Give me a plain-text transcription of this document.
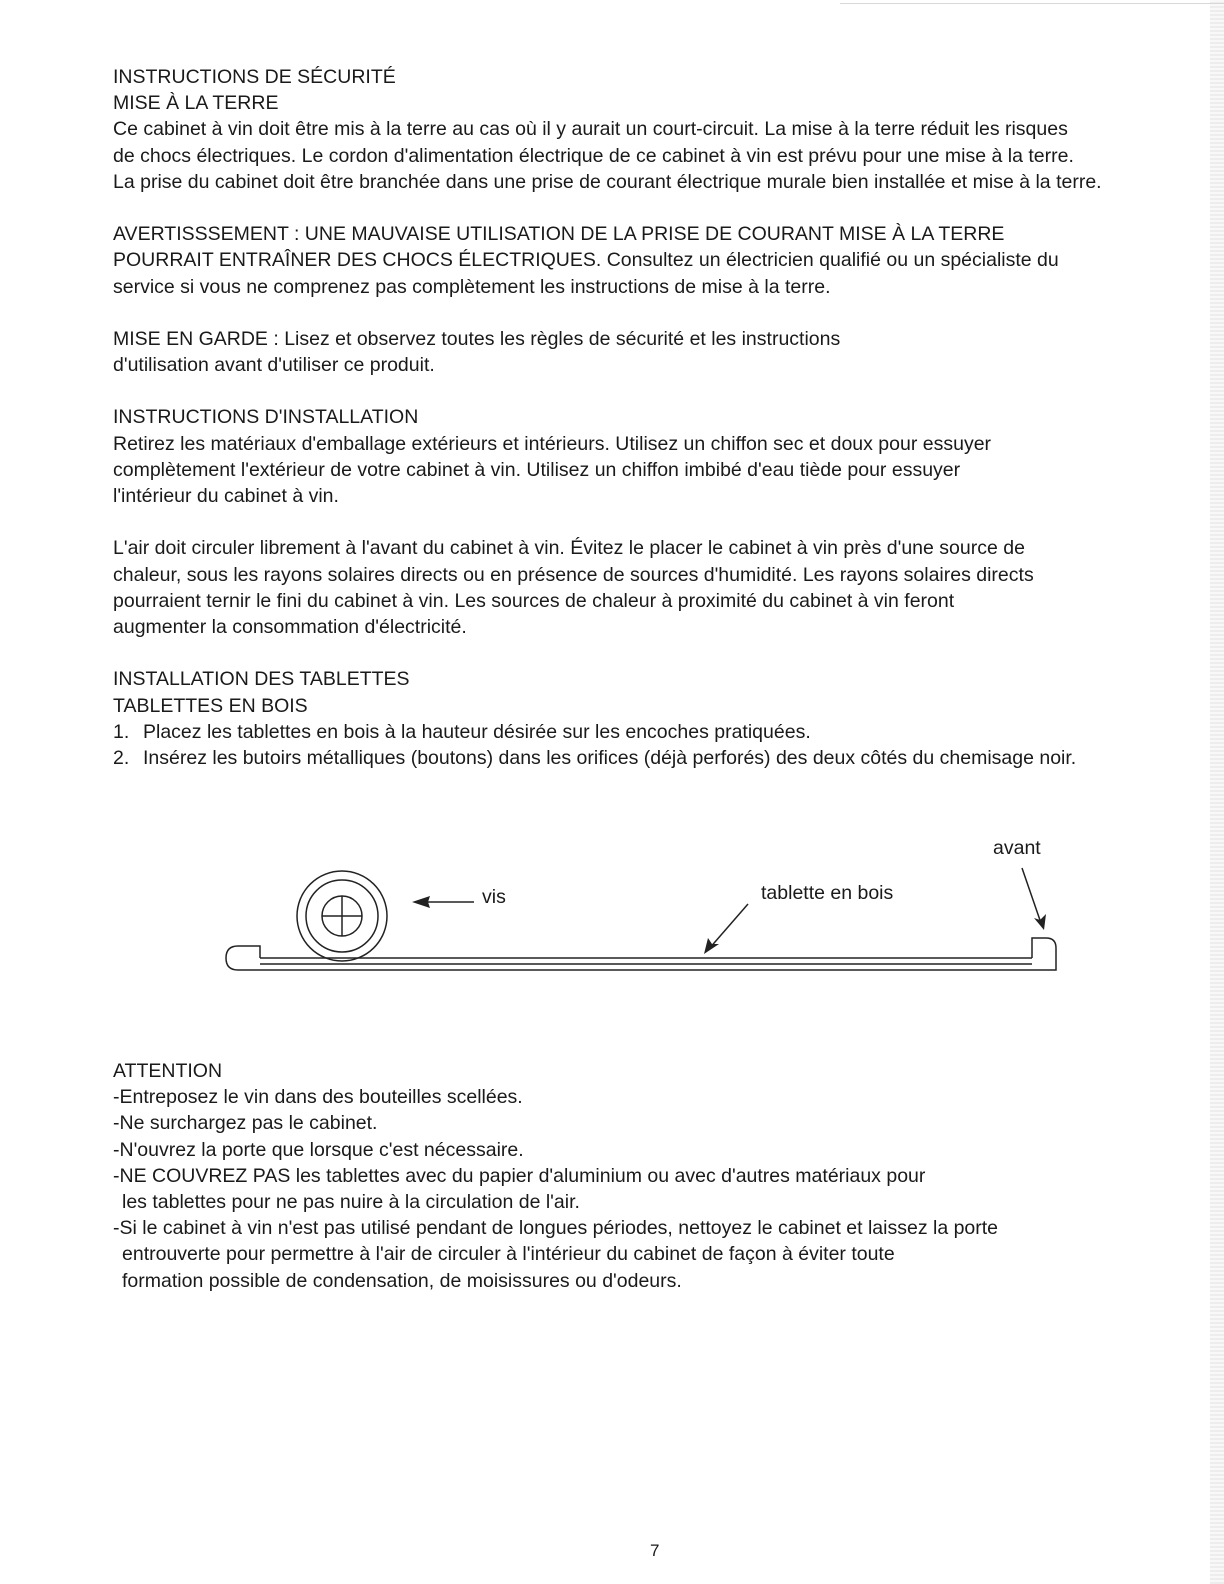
INSTRUCTIONS DE SÉCURITÉ
MISE À LA TERRE
Ce cabinet à vin doit être mis à la terre au cas où il y aurait un court-circuit. La mise à la terre réduit les risques
de chocs électriques. Le cordon d'alimentation électrique de ce cabinet à vin est prévu pour une mise à la terre.
La prise du cabinet doit être branchée dans une prise de courant électrique murale bien installée et mise à la terre.
AVERTISSSEMENT : UNE MAUVAISE UTILISATION DE LA PRISE DE COURANT MISE À LA TERRE
POURRAIT ENTRAÎNER DES CHOCS ÉLECTRIQUES. Consultez un électricien qualifié ou un spécialiste du
service si vous ne comprenez pas complètement les instructions de mise à la terre.
MISE EN GARDE : Lisez et observez toutes les règles de sécurité et les instructions
d'utilisation avant d'utiliser ce produit.
INSTRUCTIONS D'INSTALLATION
Retirez les matériaux d'emballage extérieurs et intérieurs. Utilisez un chiffon sec et doux pour essuyer
complètement l'extérieur de votre cabinet à vin. Utilisez un chiffon imbibé d'eau tiède pour essuyer
l'intérieur du cabinet à vin.
L'air doit circuler librement à l'avant du cabinet à vin. Évitez le placer le cabinet à vin près d'une source de
chaleur, sous les rayons solaires directs ou en présence de sources d'humidité. Les rayons solaires directs
pourraient ternir le fini du cabinet à vin. Les sources de chaleur à proximité du cabinet à vin feront
augmenter la consommation d'électricité.
INSTALLATION DES TABLETTES
TABLETTES EN BOIS
1. Placez les tablettes en bois à la hauteur désirée sur les encoches pratiquées.
2. Insérez les butoirs métalliques (boutons) dans les orifices (déjà perforés) des deux côtés du chemisage noir.
vis	tablette en bois
avant
ATTENTION
-Entreposez le vin dans des bouteilles scellées.
-Ne surchargez pas le cabinet.
-N'ouvrez la porte que lorsque c'est nécessaire.
-NE COUVREZ PAS les tablettes avec du papier d'aluminium ou avec d'autres matériaux pour
les tablettes pour ne pas nuire à la circulation de l'air.
-Si le cabinet à vin n'est pas utilisé pendant de longues périodes, nettoyez le cabinet et laissez la porte
entrouverte pour permettre à l'air de circuler à l'intérieur du cabinet de façon à éviter toute
formation possible de condensation, de moisissures ou d'odeurs.
7
